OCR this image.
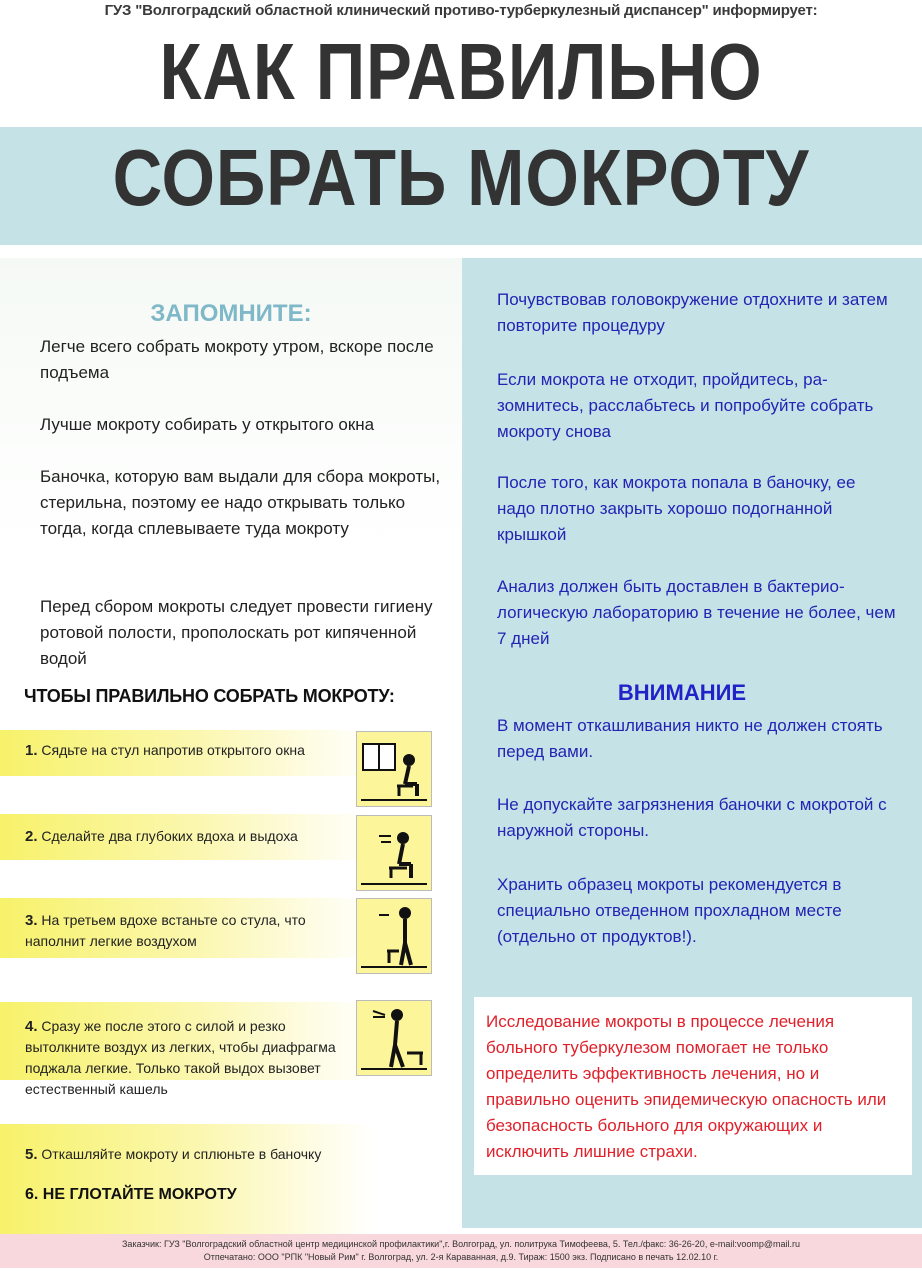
ГУЗ "Волгоградский областной клинический противо-турберкулезный диспансер" информирует:
КАК ПРАВИЛЬНО
СОБРАТЬ МОКРОТУ
ЗАПОМНИТЕ:
Легче всего собрать мокроту утром, вскоре после подъема
Лучше мокроту собирать у открытого окна
Баночка, которую вам выдали для сбора мокроты, стерильна, поэтому ее надо открывать только тогда, когда сплевываете туда мокроту
Перед сбором мокроты следует провести гигиену ротовой полости, прополоскать рот кипяченной водой
ЧТОБЫ ПРАВИЛЬНО СОБРАТЬ МОКРОТУ:
1. Сядьте на стул напротив открытого окна
2. Сделайте два глубоких вдоха и выдоха
3. На третьем вдохе встаньте со стула, что наполнит легкие воздухом
4. Сразу же после этого с силой и резко вытолкните воздух из легких, чтобы диафрагма поджала легкие. Только такой выдох вызовет естественный кашель
5. Откашляйте мокроту и сплюньте в баночку
6. НЕ ГЛОТАЙТЕ МОКРОТУ
Почувствовав головокружение отдохните и затем повторите процедуру
Если мокрота не отходит, пройдитесь, ра-зомнитесь, расслабьтесь и попробуйте собрать мокроту снова
После того, как мокрота попала в баночку, ее надо плотно закрыть хорошо подогнанной крышкой
Анализ должен быть доставлен в бактерио-логическую лабораторию в течение не более, чем 7 дней
ВНИМАНИЕ
В момент откашливания никто не должен стоять перед вами.
Не допускайте загрязнения баночки с мокротой с наружной стороны.
Хранить образец мокроты рекомендуется в специально отведенном прохладном месте (отдельно от продуктов!).
Исследование мокроты в процессе лечения больного туберкулезом помогает не только определить эффективность лечения, но и правильно оценить эпидемическую опасность или безопасность больного для окружающих и исключить лишние страхи.
Заказчик: ГУЗ "Волгоградский областной центр медицинской профилактики",г. Волгоград, ул. политрука Тимофеева, 5. Тел./факс: 36-26-20, e-mail:voomp@mail.ru
Отпечатано: ООО "РПК "Новый Рим" г. Волгоград, ул. 2-я Караванная, д.9. Тираж: 1500 экз. Подписано в печать 12.02.10 г.
